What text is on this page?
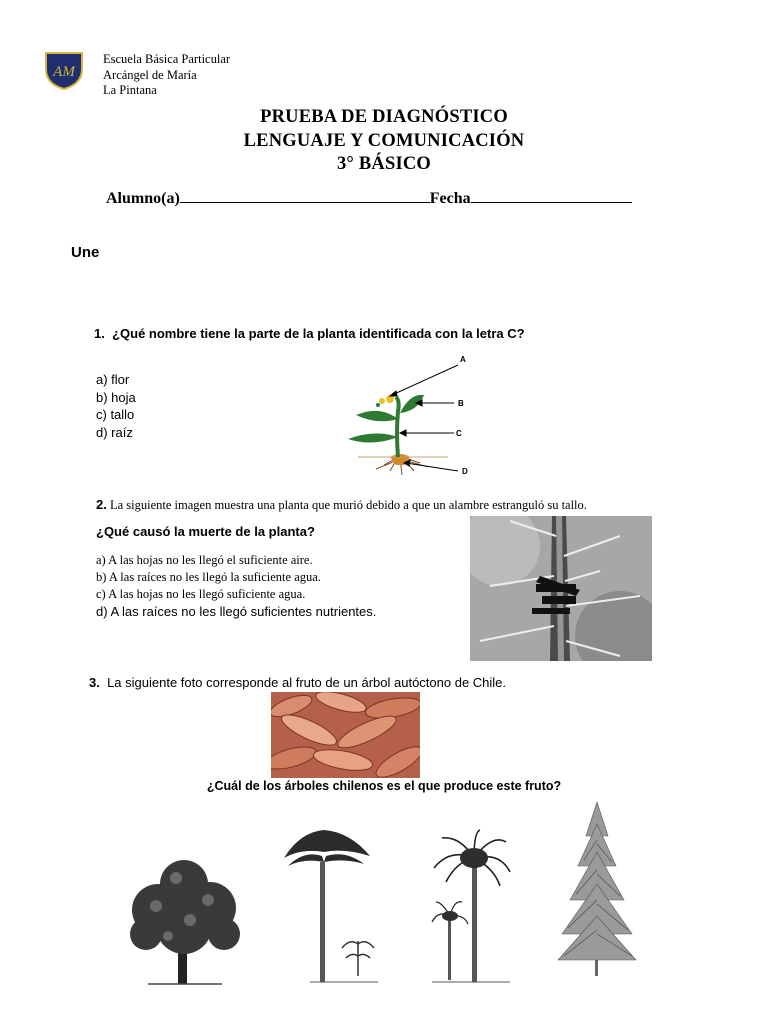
AM
Escuela Básica Particular
Arcángel de María
La Pintana
PRUEBA DE DIAGNÓSTICO
LENGUAJE Y COMUNICACIÓN
3° BÁSICO
Alumno(a)	Fecha
Une
1. ¿Qué nombre tiene la parte de la planta identificada con la letra C?
a) flor
b) hoja
c) tallo
d) raíz
A
B
C
D
2. La siguiente imagen muestra una planta que murió debido a que un alambre estranguló su tallo.
¿Qué causó la muerte de la planta?
a) A las hojas no les llegó el suficiente aire.
b) A las raíces no les llegó la suficiente agua.
c) A las hojas no les llegó suficiente agua.
d) A las raíces no les llegó suficientes nutrientes.
3. La siguiente foto corresponde al fruto de un árbol autóctono de Chile.
¿Cuál de los árboles chilenos es el que produce este fruto?
